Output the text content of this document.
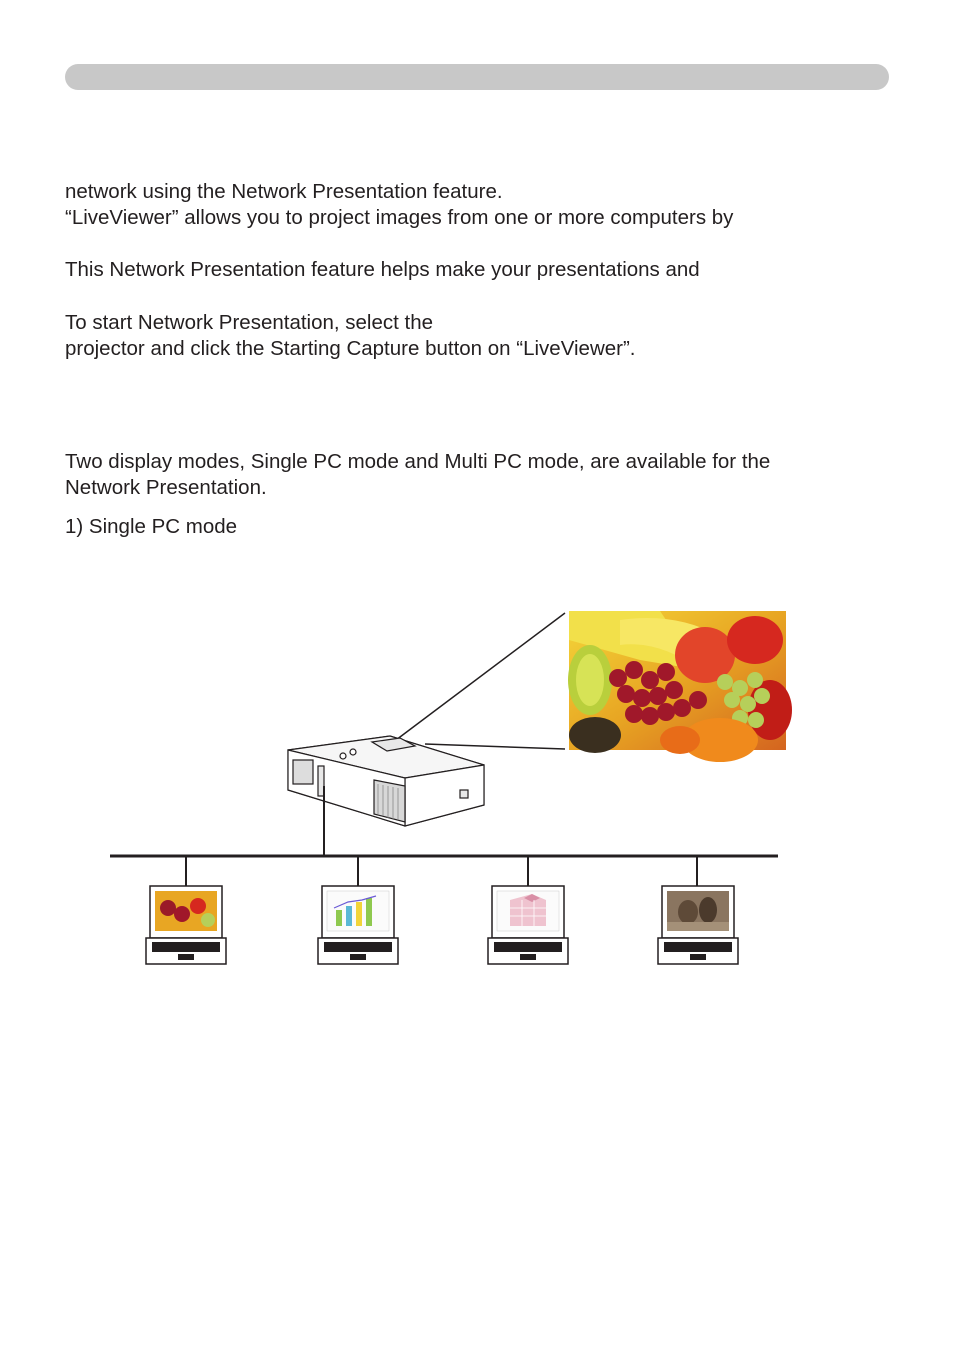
network using the Network Presentation feature.
“LiveViewer” allows you to project images from one or more computers by
This Network Presentation feature helps make your presentations and
To start Network Presentation, select the
projector and click the Starting Capture button on “LiveViewer”.
Two display modes, Single PC mode and Multi PC mode, are available for the
Network Presentation.
1) Single PC mode
